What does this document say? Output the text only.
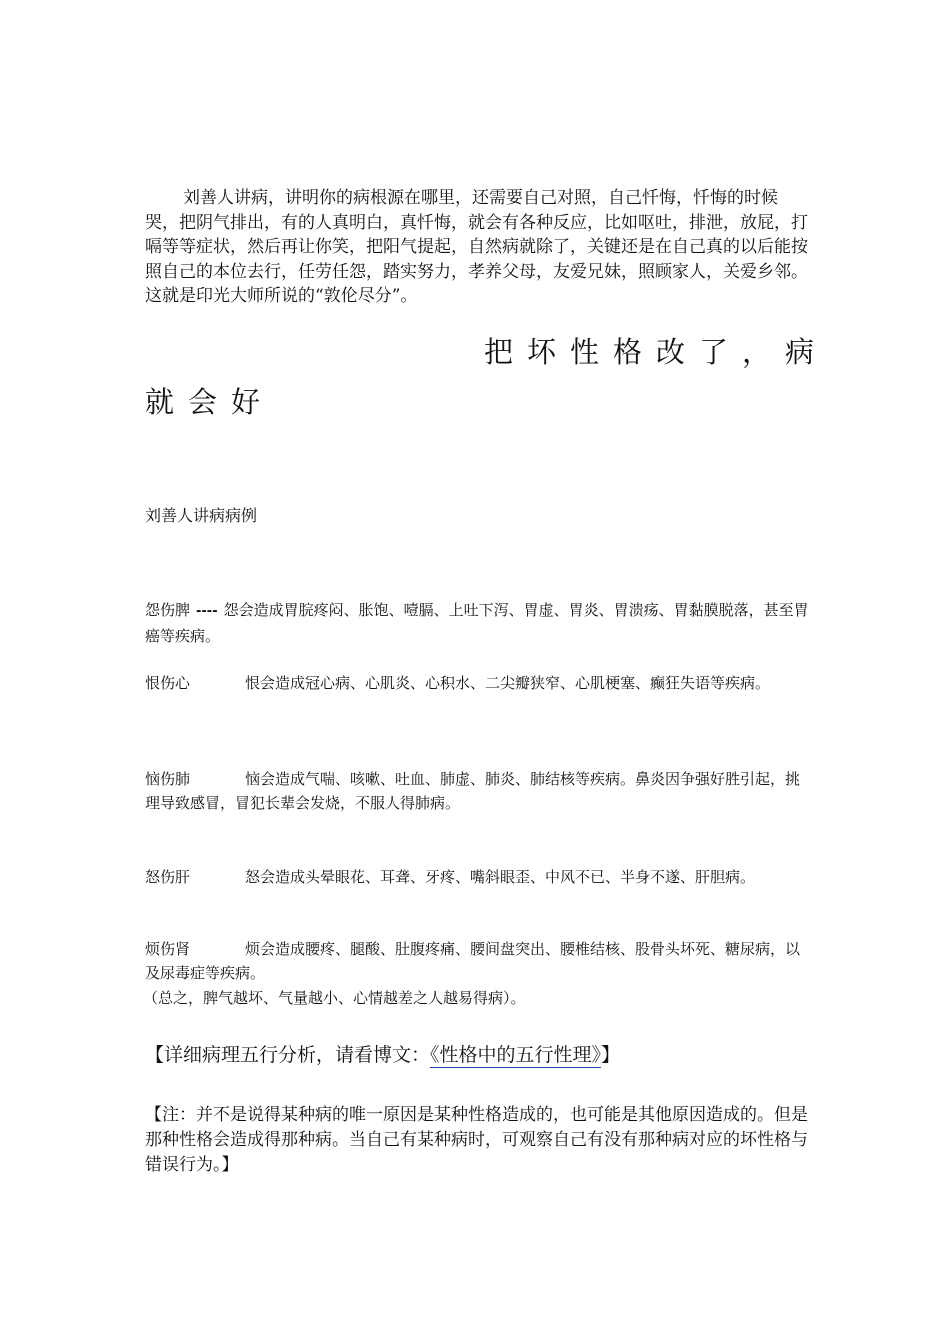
刘善人讲病，讲明你的病根源在哪里，还需要自己对照，自己忏悔，忏悔的时候哭，把阴气排出，有的人真明白，真忏悔，就会有各种反应，比如呕吐，排泄，放屁，打嗝等等症状，然后再让你笑，把阳气提起，自然病就除了，关键还是在自己真的以后能按照自己的本位去行，任劳任怨，踏实努力，孝养父母，友爱兄妹，照顾家人，关爱乡邻。这就是印光大师所说的“敦伦尽分”。

把坏性格改了，病

就会好

刘善人讲病病例

怨伤脾 ---- 怨会造成胃脘疼闷、胀饱、噎膈、上吐下泻、胃虚、胃炎、胃溃疡、胃黏膜脱落，甚至胃癌等疾病。

恨伤心	恨会造成冠心病、心肌炎、心积水、二尖瓣狭窄、心肌梗塞、癫狂失语等疾病。

恼伤肺	恼会造成气喘、咳嗽、吐血、肺虚、肺炎、肺结核等疾病。鼻炎因争强好胜引起，挑理导致感冒，冒犯长辈会发烧，不服人得肺病。

怒伤肝	怒会造成头晕眼花、耳聋、牙疼、嘴斜眼歪、中风不已、半身不遂、肝胆病。

烦伤肾	烦会造成腰疼、腿酸、肚腹疼痛、腰间盘突出、腰椎结核、股骨头坏死、糖尿病，以及尿毒症等疾病。

（总之，脾气越坏、气量越小、心情越差之人越易得病）。

【详细病理五行分析，请看博文：《性格中的五行性理》】

【注：并不是说得某种病的唯一原因是某种性格造成的，也可能是其他原因造成的。但是那种性格会造成得那种病。当自己有某种病时，可观察自己有没有那种病对应的坏性格与错误行为。】
